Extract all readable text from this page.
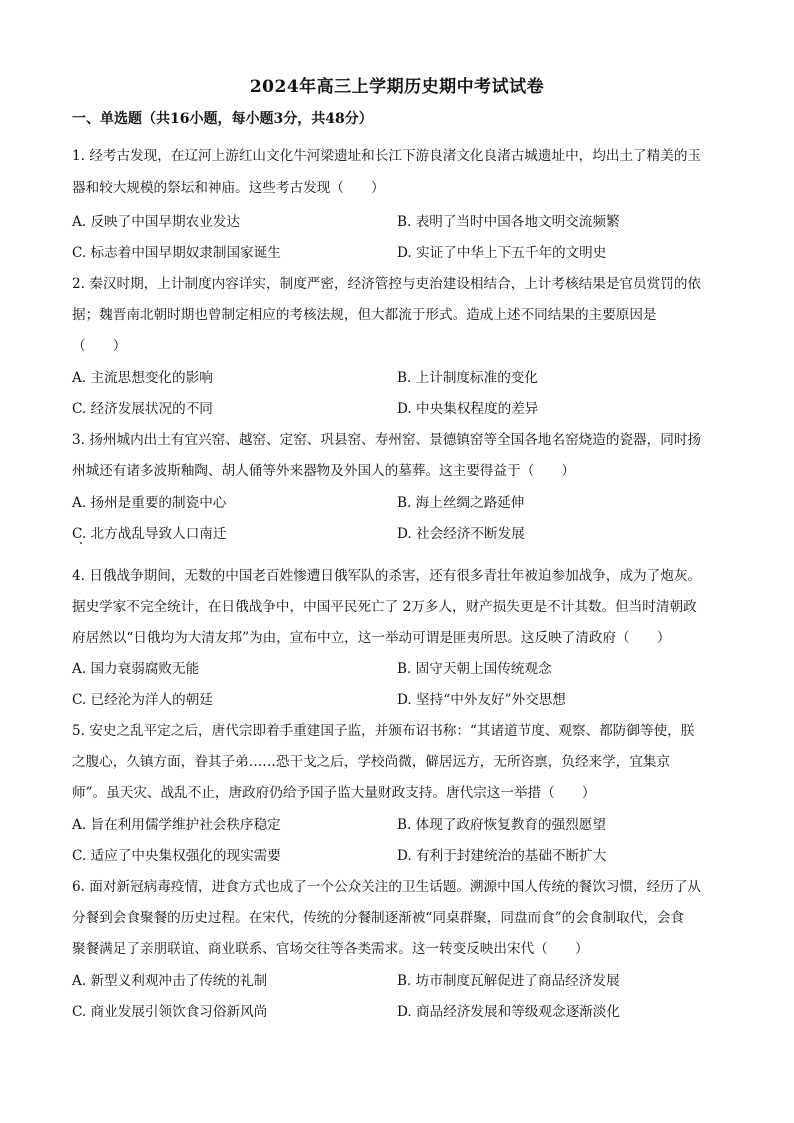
2024年高三上学期历史期中考试试卷
一、单选题（共16小题，每小题3分，共48分）
1. 经考古发现，在辽河上游红山文化牛河梁遗址和长江下游良渚文化良渚古城遗址中，均出土了精美的玉
器和较大规模的祭坛和神庙。这些考古发现（　　）
A. 反映了中国早期农业发达	B. 表明了当时中国各地文明交流频繁
C. 标志着中国早期奴隶制国家诞生	D. 实证了中华上下五千年的文明史
2. 秦汉时期，上计制度内容详实，制度严密，经济管控与吏治建设相结合，上计考核结果是官员赏罚的依
据；魏晋南北朝时期也曾制定相应的考核法规，但大都流于形式。造成上述不同结果的主要原因是
（　　）
A. 主流思想变化的影响	B. 上计制度标准的变化
C. 经济发展状况的不同	D. 中央集权程度的差异
3. 扬州城内出土有宜兴窑、越窑、定窑、巩县窑、寿州窑、景德镇窑等全国各地名窑烧造的瓷器，同时扬
州城还有诸多波斯釉陶、胡人俑等外来器物及外国人的墓葬。这主要得益于（　　）
A. 扬州是重要的制瓷中心	B. 海上丝绸之路延伸
C. 北方战乱导致人口南迁	D. 社会经济不断发展
4. 日俄战争期间，无数的中国老百姓惨遭日俄军队的杀害，还有很多青壮年被迫参加战争，成为了炮灰。
据史学家不完全统计，在日俄战争中，中国平民死亡了 2万多人，财产损失更是不计其数。但当时清朝政
府居然以“日俄均为大清友邦”为由，宣布中立，这一举动可谓是匪夷所思。这反映了清政府（　　）
A. 国力衰弱腐败无能	B. 固守天朝上国传统观念
C. 已经沦为洋人的朝廷	D. 坚持“中外友好”外交思想
5. 安史之乱平定之后，唐代宗即着手重建国子监，并颁布诏书称：“其诸道节度、观察、都防御等使，朕
之腹心，久镇方面，眷其子弟……恐干戈之后，学校尚微，僻居远方，无所咨禀，负经来学，宜集京
师”。虽天灾、战乱不止，唐政府仍给予国子监大量财政支持。唐代宗这一举措（　　）
A. 旨在利用儒学维护社会秩序稳定	B. 体现了政府恢复教育的强烈愿望
C. 适应了中央集权强化的现实需要	D. 有利于封建统治的基础不断扩大
6. 面对新冠病毒疫情，进食方式也成了一个公众关注的卫生话题。溯源中国人传统的餐饮习惯，经历了从
分餐到会食聚餐的历史过程。在宋代，传统的分餐制逐渐被“同桌群聚，同盘而食”的会食制取代，会食
聚餐满足了亲朋联谊、商业联系、官场交往等各类需求。这一转变反映出宋代（　　）
A. 新型义利观冲击了传统的礼制	B. 坊市制度瓦解促进了商品经济发展
C. 商业发展引领饮食习俗新风尚	D. 商品经济发展和等级观念逐渐淡化
